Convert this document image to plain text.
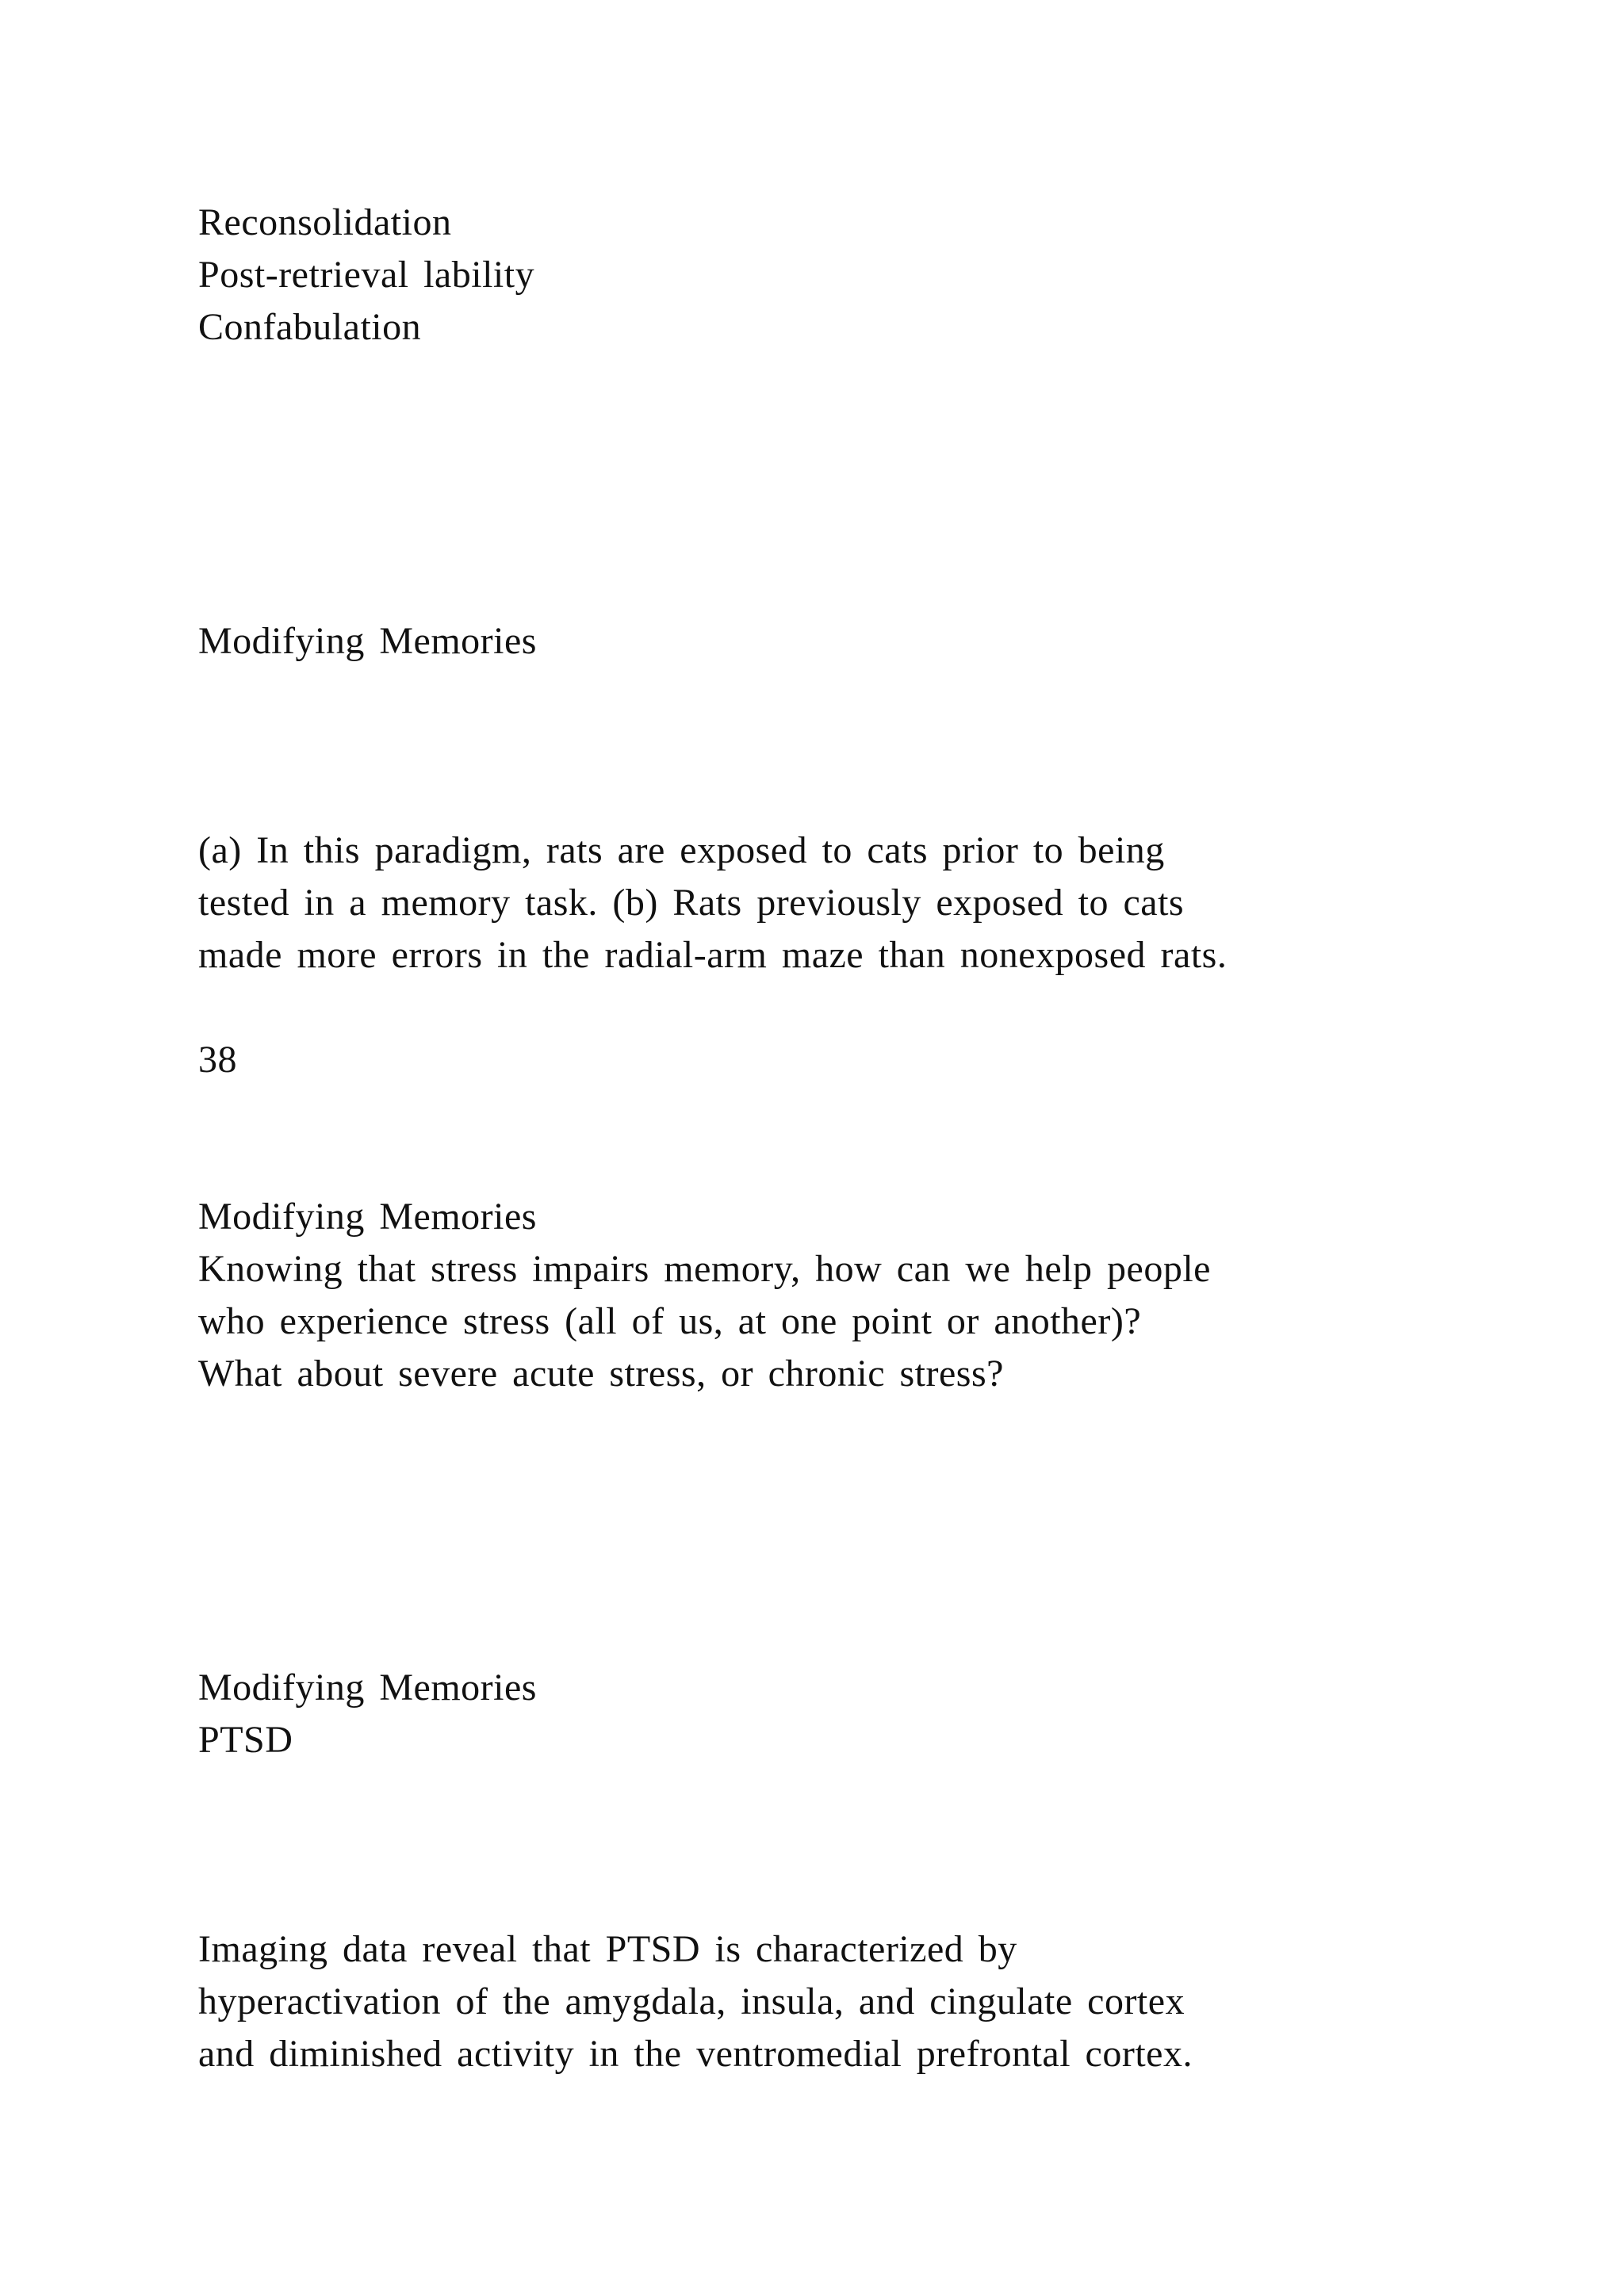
Reconsolidation

Post-retrieval lability

Confabulation

Modifying Memories

(a) In this paradigm, rats are exposed to cats prior to being

tested in a memory task. (b) Rats previously exposed to cats

made more errors in the radial-arm maze than nonexposed rats.

38

Modifying Memories

Knowing that stress impairs memory, how can we help people

who experience stress (all of us, at one point or another)?

What about severe acute stress, or chronic stress?

Modifying Memories

PTSD

Imaging data reveal that PTSD is characterized by

hyperactivation of the amygdala, insula, and cingulate cortex

and diminished activity in the ventromedial prefrontal cortex.
